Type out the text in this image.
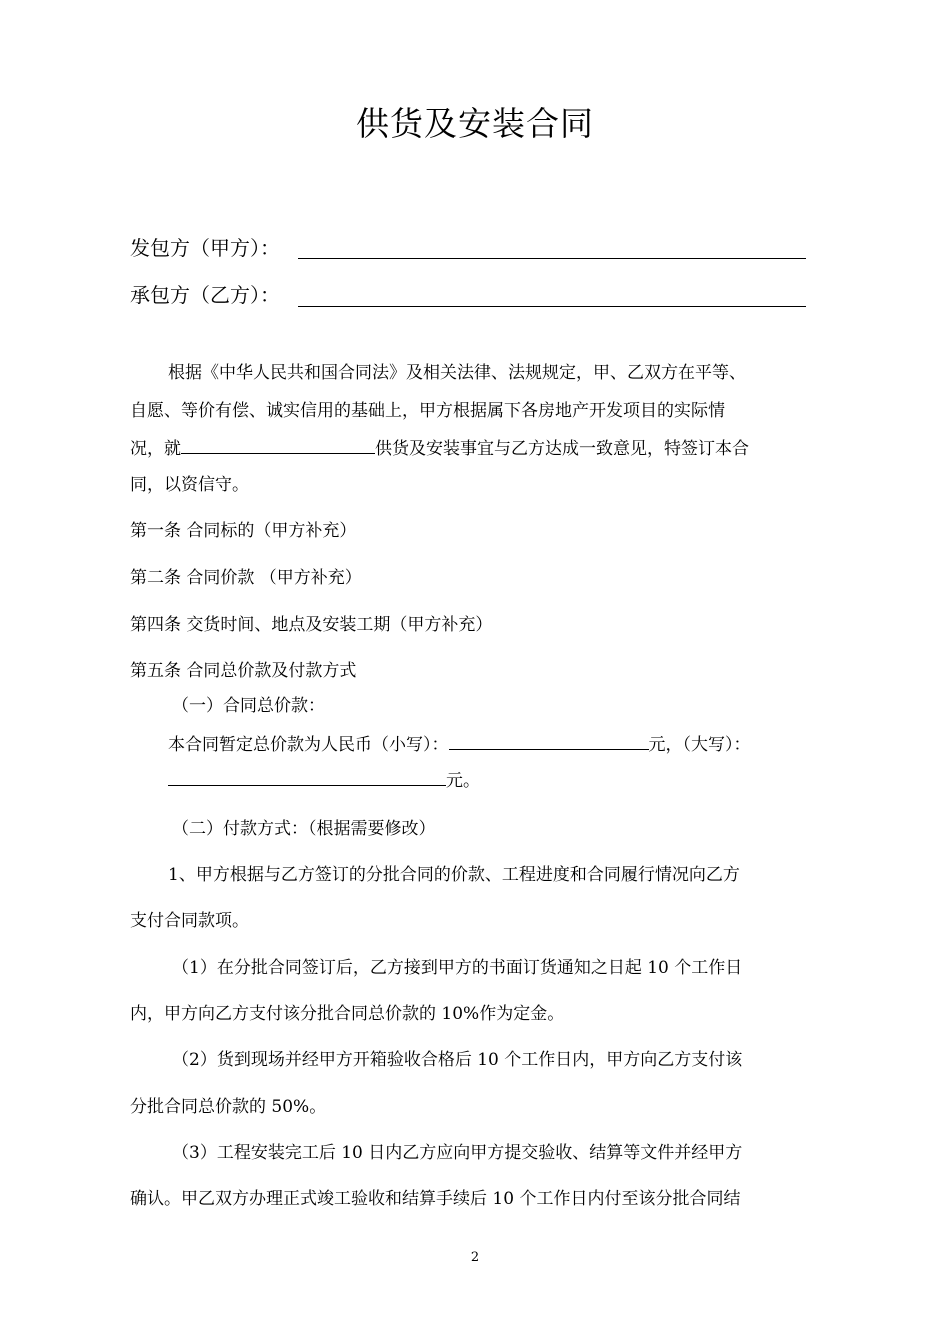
供货及安装合同
发包方（甲方）：
承包方（乙方）：
根据《中华人民共和国合同法》及相关法律、法规规定，甲、乙双方在平等、
自愿、等价有偿、诚实信用的基础上，甲方根据属下各房地产开发项目的实际情
况，就	供货及安装事宜与乙方达成一致意见，特签订本合
同，以资信守。
第一条 合同标的（甲方补充）
第二条 合同价款 （甲方补充）
第四条 交货时间、地点及安装工期（甲方补充）
第五条 合同总价款及付款方式
（一）合同总价款：
本合同暂定总价款为人民币（小写）：	元，（大写）：
元。
（二）付款方式：（根据需要修改）
1、甲方根据与乙方签订的分批合同的价款、工程进度和合同履行情况向乙方
支付合同款项。
（1）在分批合同签订后，乙方接到甲方的书面订货通知之日起 10 个工作日
内，甲方向乙方支付该分批合同总价款的 10%作为定金。
（2）货到现场并经甲方开箱验收合格后 10 个工作日内，甲方向乙方支付该
分批合同总价款的 50%。
（3）工程安装完工后 10 日内乙方应向甲方提交验收、结算等文件并经甲方
确认。甲乙双方办理正式竣工验收和结算手续后 10 个工作日内付至该分批合同结
2
